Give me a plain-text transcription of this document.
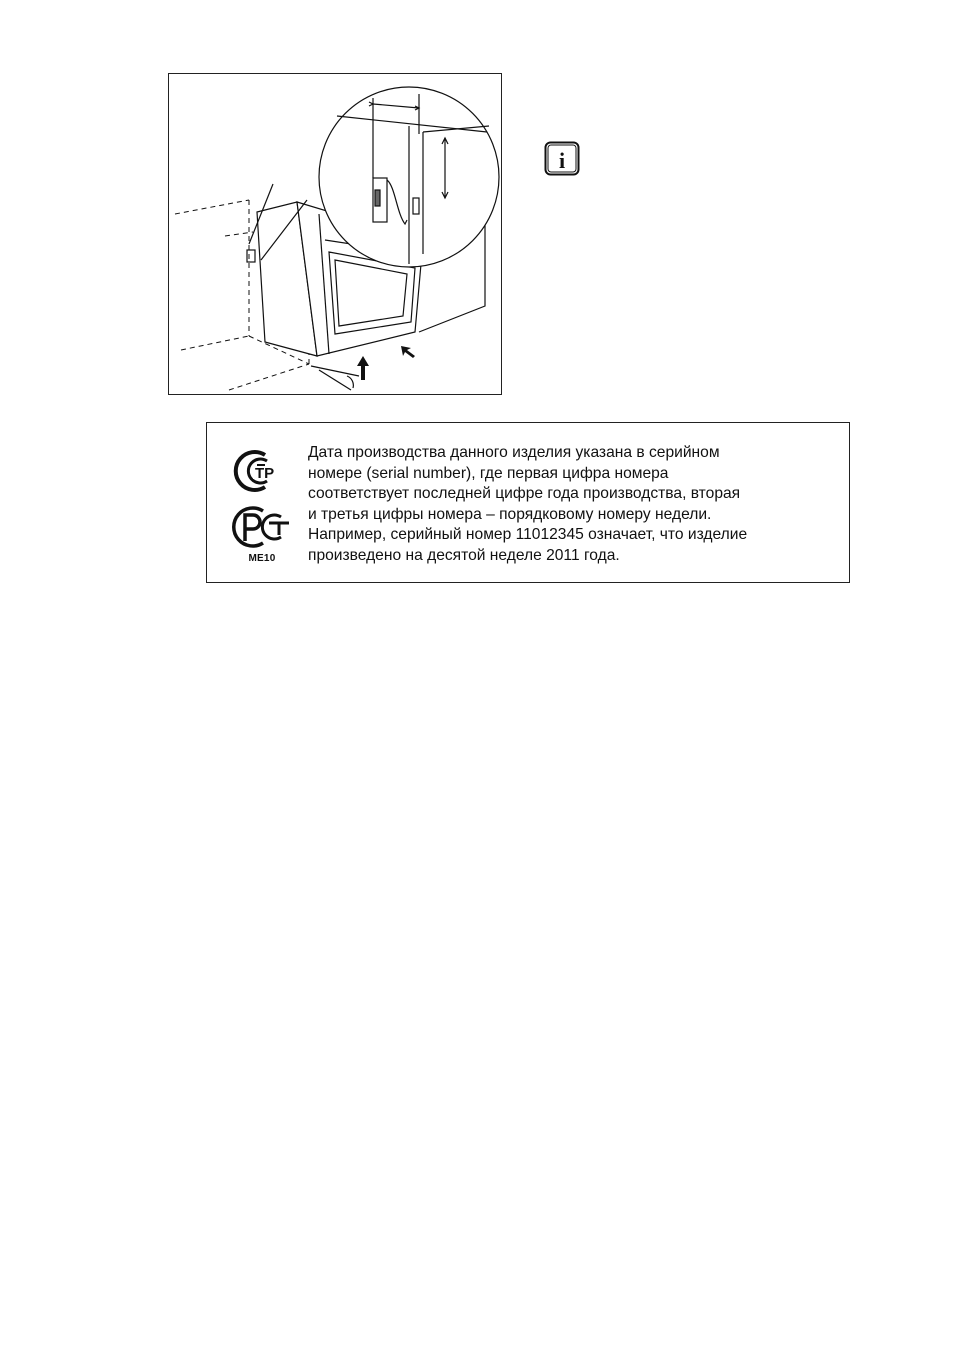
i
ТР
ME10
Дата производства данного изделия указана в серийном
номере (serial number), где первая цифра номера
соответствует последней цифре года производства, вторая
и третья цифры номера – порядковому номеру недели.
Например, серийный номер 11012345 означает, что изделие
произведено на десятой неделе 2011 года.
